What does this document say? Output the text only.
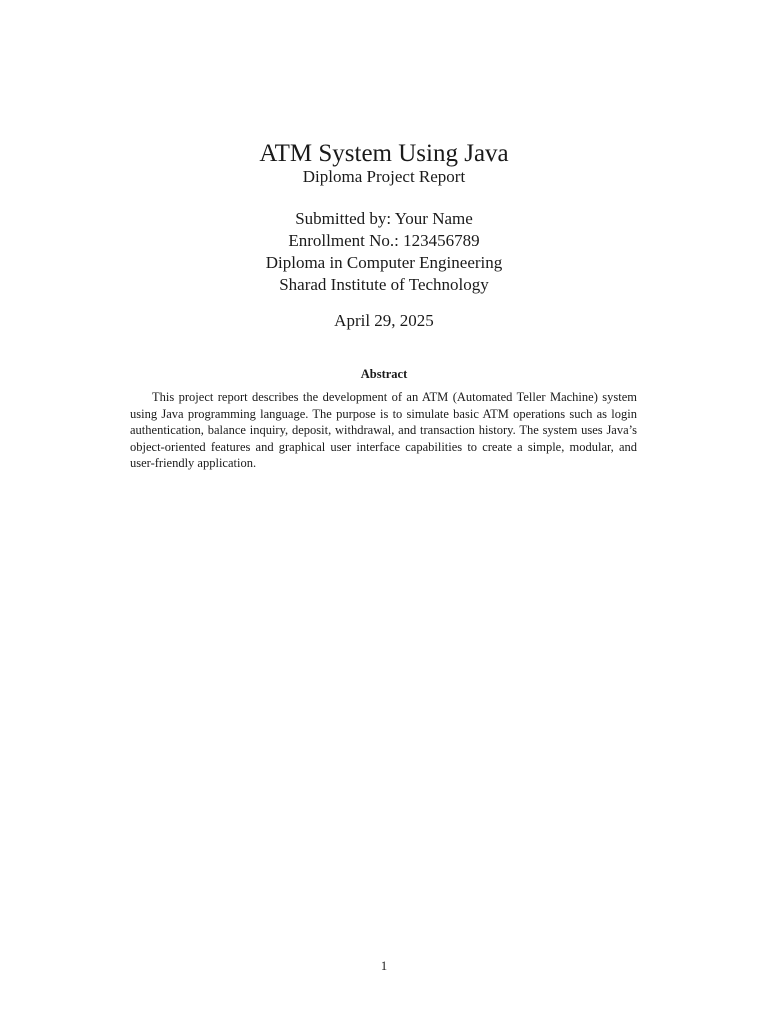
ATM System Using Java
Diploma Project Report
Submitted by: Your Name
Enrollment No.: 123456789
Diploma in Computer Engineering
Sharad Institute of Technology
April 29, 2025
Abstract

This project report describes the development of an ATM (Automated Teller Machine) system using Java programming language. The purpose is to simulate basic ATM operations such as login authentication, balance inquiry, deposit, withdrawal, and transaction history. The system uses Java’s object-oriented features and graphical user interface capabilities to create a simple, modular, and user-friendly application.

1
